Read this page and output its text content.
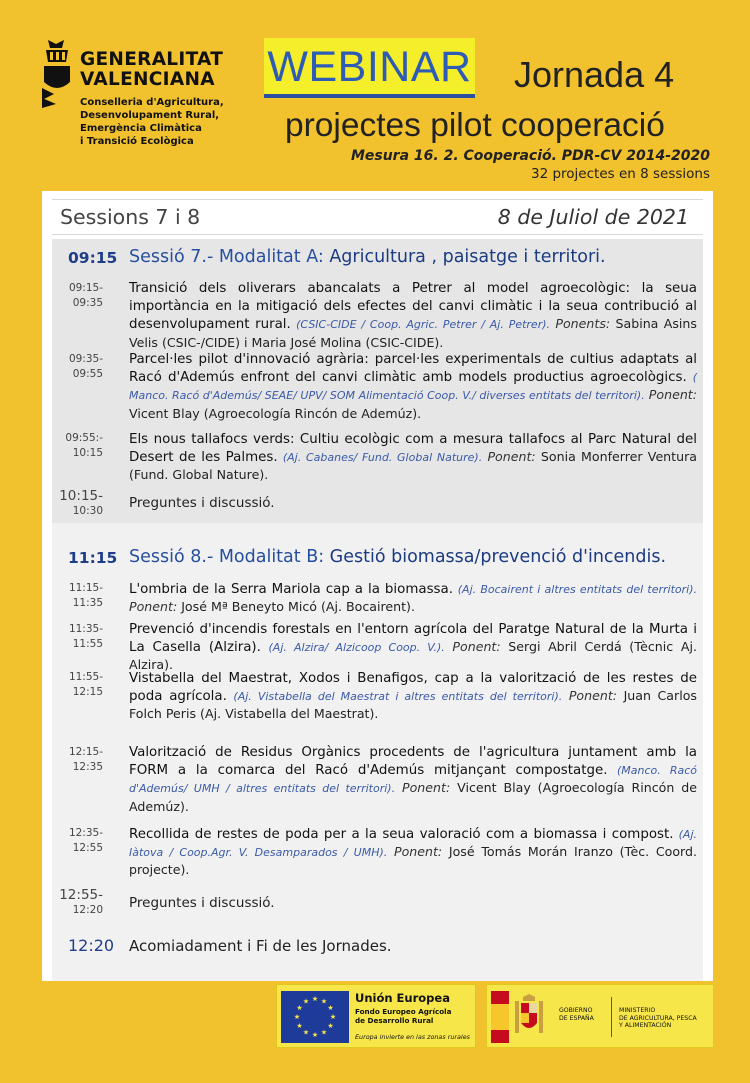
GENERALITAT
VALENCIANA
Conselleria d'Agricultura,
Desenvolupament Rural,
Emergència Climàtica
i Transició Ecològica
WEBINAR Jornada 4
projectes pilot cooperació
Mesura 16. 2. Cooperació. PDR-CV 2014-2020
32 projectes en 8 sessions
Sessions 7 i 8	8 de Juliol de 2021
09:15 Sessió 7.- Modalitat A: Agricultura , paisatge i territori.
09:15-
09:35
Transició dels oliverars abancalats a Petrer al model agroecològic: la seua importància en la mitigació dels efectes del canvi climàtic i la seua contribució al desenvolupament rural. (CSIC-CIDE / Coop. Agric. Petrer / Aj. Petrer). Ponents: Sabina Asins Velis (CSIC-/CIDE) i Maria José Molina (CSIC-CIDE).
09:35-
09:55
Parcel·les pilot d'innovació agrària: parcel·les experimentals de cultius adaptats al Racó d'Ademús enfront del canvi climàtic amb models productius agroecològics. ( Manco. Racó d'Ademús/ SEAE/ UPV/ SOM Alimentació Coop. V./ diverses entitats del territori). Ponent: Vicent Blay (Agroecología Rincón de Ademúz).
09:55:-
10:15
Els nous tallafocs verds: Cultiu ecològic com a mesura tallafocs al Parc Natural del Desert de les Palmes. (Aj. Cabanes/ Fund. Global Nature). Ponent: Sonia Monferrer Ventura (Fund. Global Nature).
10:15-
10:30 Preguntes i discussió.
11:15 Sessió 8.- Modalitat B: Gestió biomassa/prevenció d'incendis.
11:15-
11:35
L'ombria de la Serra Mariola cap a la biomassa. (Aj. Bocairent i altres entitats del territori). Ponent: José Mª Beneyto Micó (Aj. Bocairent).
11:35-
11:55
Prevenció d'incendis forestals en l'entorn agrícola del Paratge Natural de la Murta i La Casella (Alzira). (Aj. Alzira/ Alzicoop Coop. V.). Ponent: Sergi Abril Cerdá (Tècnic Aj. Alzira).
11:55-
12:15
Vistabella del Maestrat, Xodos i Benafigos, cap a la valorització de les restes de poda agrícola. (Aj. Vistabella del Maestrat i altres entitats del territori). Ponent: Juan Carlos Folch Peris (Aj. Vistabella del Maestrat).
12:15-
12:35
Valorització de Residus Orgànics procedents de l'agricultura juntament amb la FORM a la comarca del Racó d'Ademús mitjançant compostatge. (Manco. Racó d'Ademús/ UMH / altres entitats del territori). Ponent: Vicent Blay (Agroecología Rincón de Ademúz).
12:35-
12:55
Recollida de restes de poda per a la seua valoració com a biomassa i compost. (Aj. Iàtova / Coop.Agr. V. Desamparados / UMH). Ponent: José Tomás Morán Iranzo (Tèc. Coord. projecte).
12:55-
12:20 Preguntes i discussió.
12:20 Acomiadament i Fi de les Jornades.
★ ★
★
★
★
★
★
★
★
★
★
★	Unión Europea
Fondo Europeo Agrícola
de Desarrollo Rural
Europa invierte en las zonas rurales
GOBIERNO
DE ESPAÑA
MINISTERIO
DE AGRICULTURA, PESCA
Y ALIMENTACIÓN
